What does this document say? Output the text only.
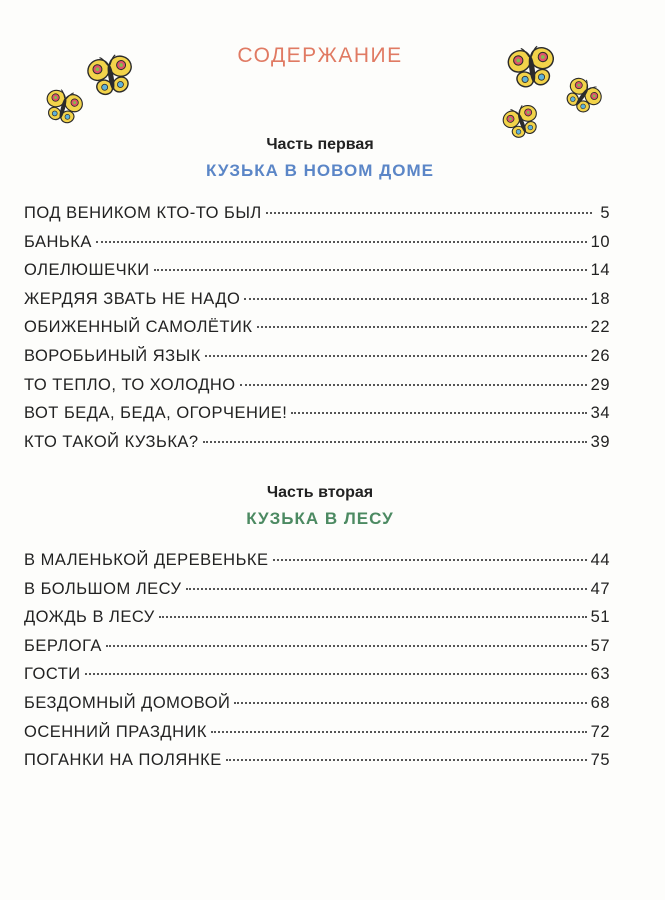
СОДЕРЖАНИЕ
Часть первая
КУЗЬКА В НОВОМ ДОМЕ
ПОД ВЕНИКОМ КТО-ТО БЫЛ	5
БАНЬКА	10
ОЛЕЛЮШЕЧКИ	14
ЖЕРДЯЯ ЗВАТЬ НЕ НАДО	18
ОБИЖЕННЫЙ САМОЛЁТИК	22
ВОРОБЬИНЫЙ ЯЗЫК	26
ТО ТЕПЛО, ТО ХОЛОДНО	29
ВОТ БЕДА, БЕДА, ОГОРЧЕНИЕ!	34
КТО ТАКОЙ КУЗЬКА?	39
Часть вторая
КУЗЬКА В ЛЕСУ
В МАЛЕНЬКОЙ ДЕРЕВЕНЬКЕ	44
В БОЛЬШОМ ЛЕСУ	47
ДОЖДЬ В ЛЕСУ	51
БЕРЛОГА	57
ГОСТИ	63
БЕЗДОМНЫЙ ДОМОВОЙ	68
ОСЕННИЙ ПРАЗДНИК	72
ПОГАНКИ НА ПОЛЯНКЕ	75
